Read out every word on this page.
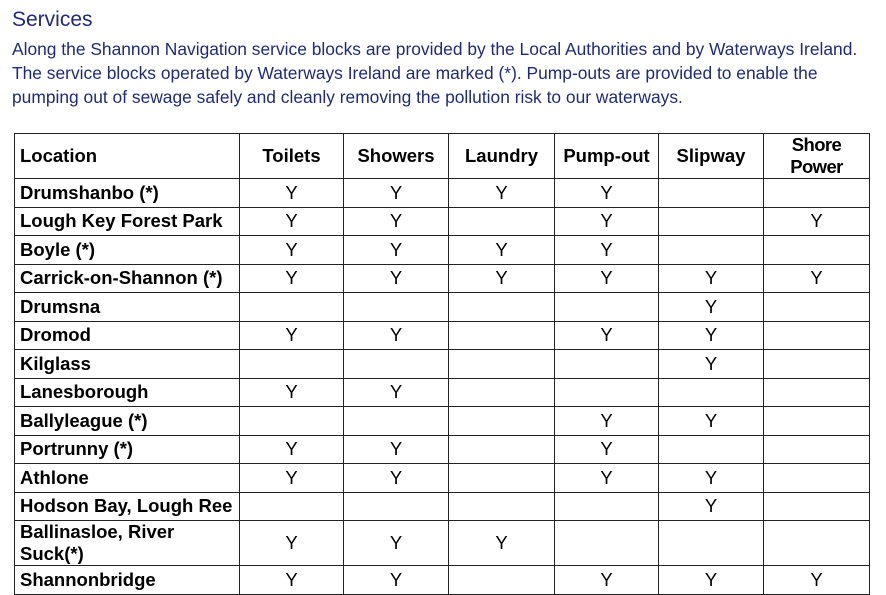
Services

Along the Shannon Navigation service blocks are provided by the Local Authorities and by Waterways Ireland. The service blocks operated by Waterways Ireland are marked (*). Pump-outs are provided to enable the pumping out of sewage safely and cleanly removing the pollution risk to our waterways.

Location	Toilets	Showers	Laundry	Pump-out	Slipway	Shore Power
Drumshanbo (*)	Y	Y	Y	Y		
Lough Key Forest Park	Y	Y		Y		Y
Boyle (*)	Y	Y	Y	Y		
Carrick-on-Shannon (*)	Y	Y	Y	Y	Y	Y
Drumsna					Y	
Dromod	Y	Y		Y	Y	
Kilglass					Y	
Lanesborough	Y	Y				
Ballyleague (*)				Y	Y	
Portrunny (*)	Y	Y		Y		
Athlone	Y	Y		Y	Y	
Hodson Bay, Lough Ree					Y	
Ballinasloe, River Suck(*)	Y	Y	Y			
Shannonbridge	Y	Y		Y	Y	Y
